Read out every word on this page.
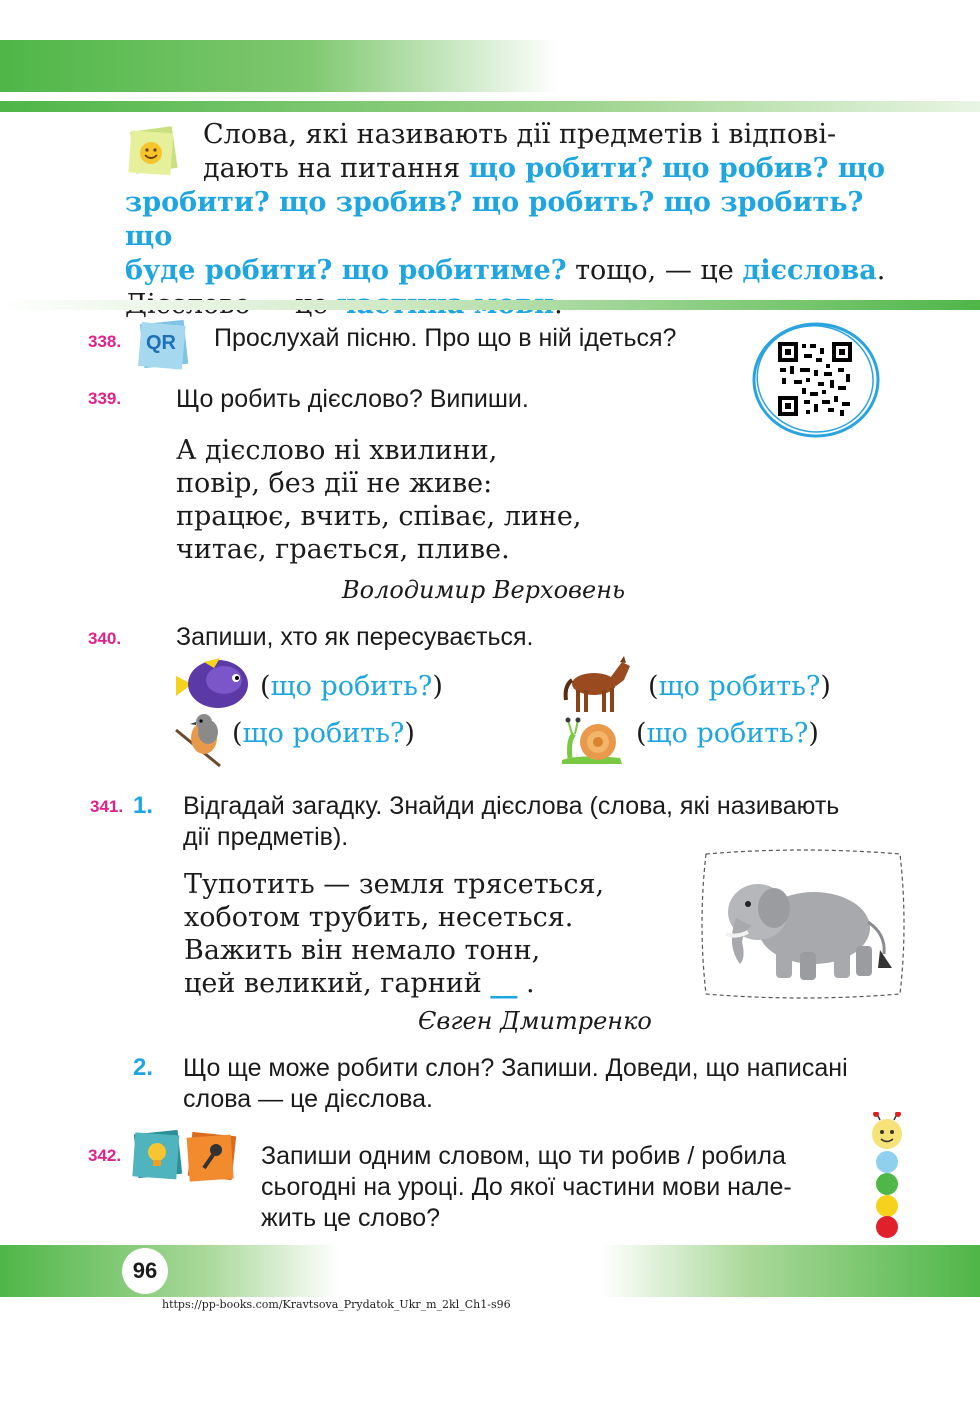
Слова, які називають дії предметів і відпові-
дають на питання що робити? що робив? що
зробити? що зробив? що робить? що зробить? що
буде робити? що робитиме? тощо, — це дієслова.
338. QR Прослухай пісню. Про що в ній ідеться?
339. Що робить дієслово? Випиши.
А дієслово ні хвилини,
повір, без дії не живе:
працює, вчить, співає, лине,
читає, грається, пливе.
Володимир Верховень
340. Запиши, хто як пересувається.
(що робить?)	(що робить?)
(що робить?)	(що робить?)
341. 1. Відгадай загадку. Знайди дієслова (слова, які називають
дії предметів).
Тупотить — земля трясеться,
хоботом трубить, несеться.
Важить він немало тонн,
цей великий, гарний __ .
Євген Дмитренко
2. Що ще може робити слон? Запиши. Доведи, що написані
слова — це дієслова.
342.	Запиши одним словом, що ти робив / робила
сьогодні на уроці. До якої частини мови нале-
жить це слово?
96
https://pp-books.com/Kravtsova_Prydatok_Ukr_m_2kl_Ch1-s96
